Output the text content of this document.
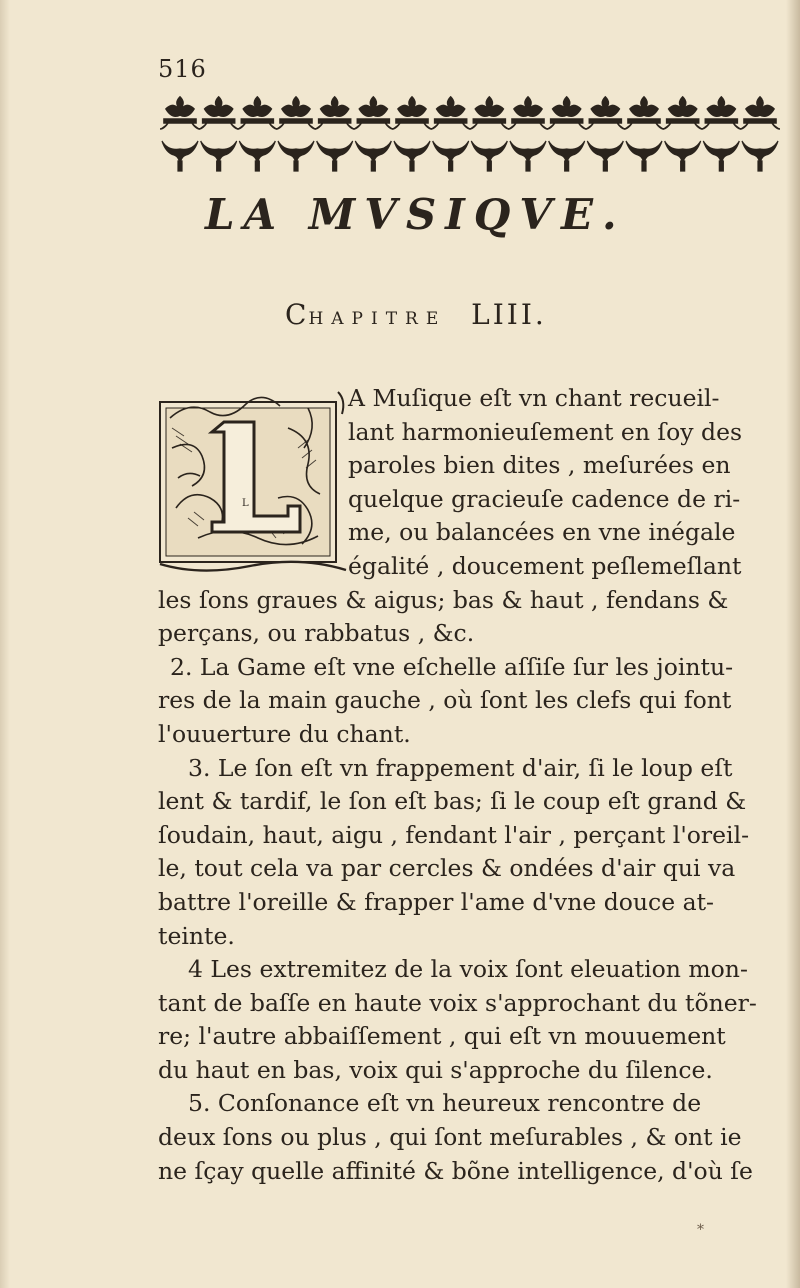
516
LA MVSIQVE.
CHAPITRE LIII.
L
A Muſique eſt vn chant recueil-
lant harmonieuſement en ſoy des
paroles bien dites , meſurées en
quelque gracieuſe cadence de ri-
me, ou balancées en vne inégale
égalité , doucement peſlemeſlant
les ſons graues & aigus; bas & haut , fendans &
perçans, ou rabbatus , &c.
2. La Game eſt vne eſchelle aſſiſe ſur les jointu-
res de la main gauche , où ſont les clefs qui font
l'ouuerture du chant.
3. Le ſon eſt vn frappement d'air, ſi le loup eſt
lent & tardif, le ſon eſt bas; ſi le coup eſt grand &
ſoudain, haut, aigu , fendant l'air , perçant l'oreil-
le, tout cela va par cercles & ondées d'air qui va
battre l'oreille & frapper l'ame d'vne douce at-
teinte.
4 Les extremitez de la voix ſont eleuation mon-
tant de baſſe en haute voix s'approchant du tõner-
re; l'autre abbaiſſement , qui eſt vn mouuement
du haut en bas, voix qui s'approche du ſilence.
5. Conſonance eſt vn heureux rencontre de
deux ſons ou plus , qui ſont meſurables , & ont ie
ne ſçay quelle affinité & bõne intelligence, d'où ſe
*
